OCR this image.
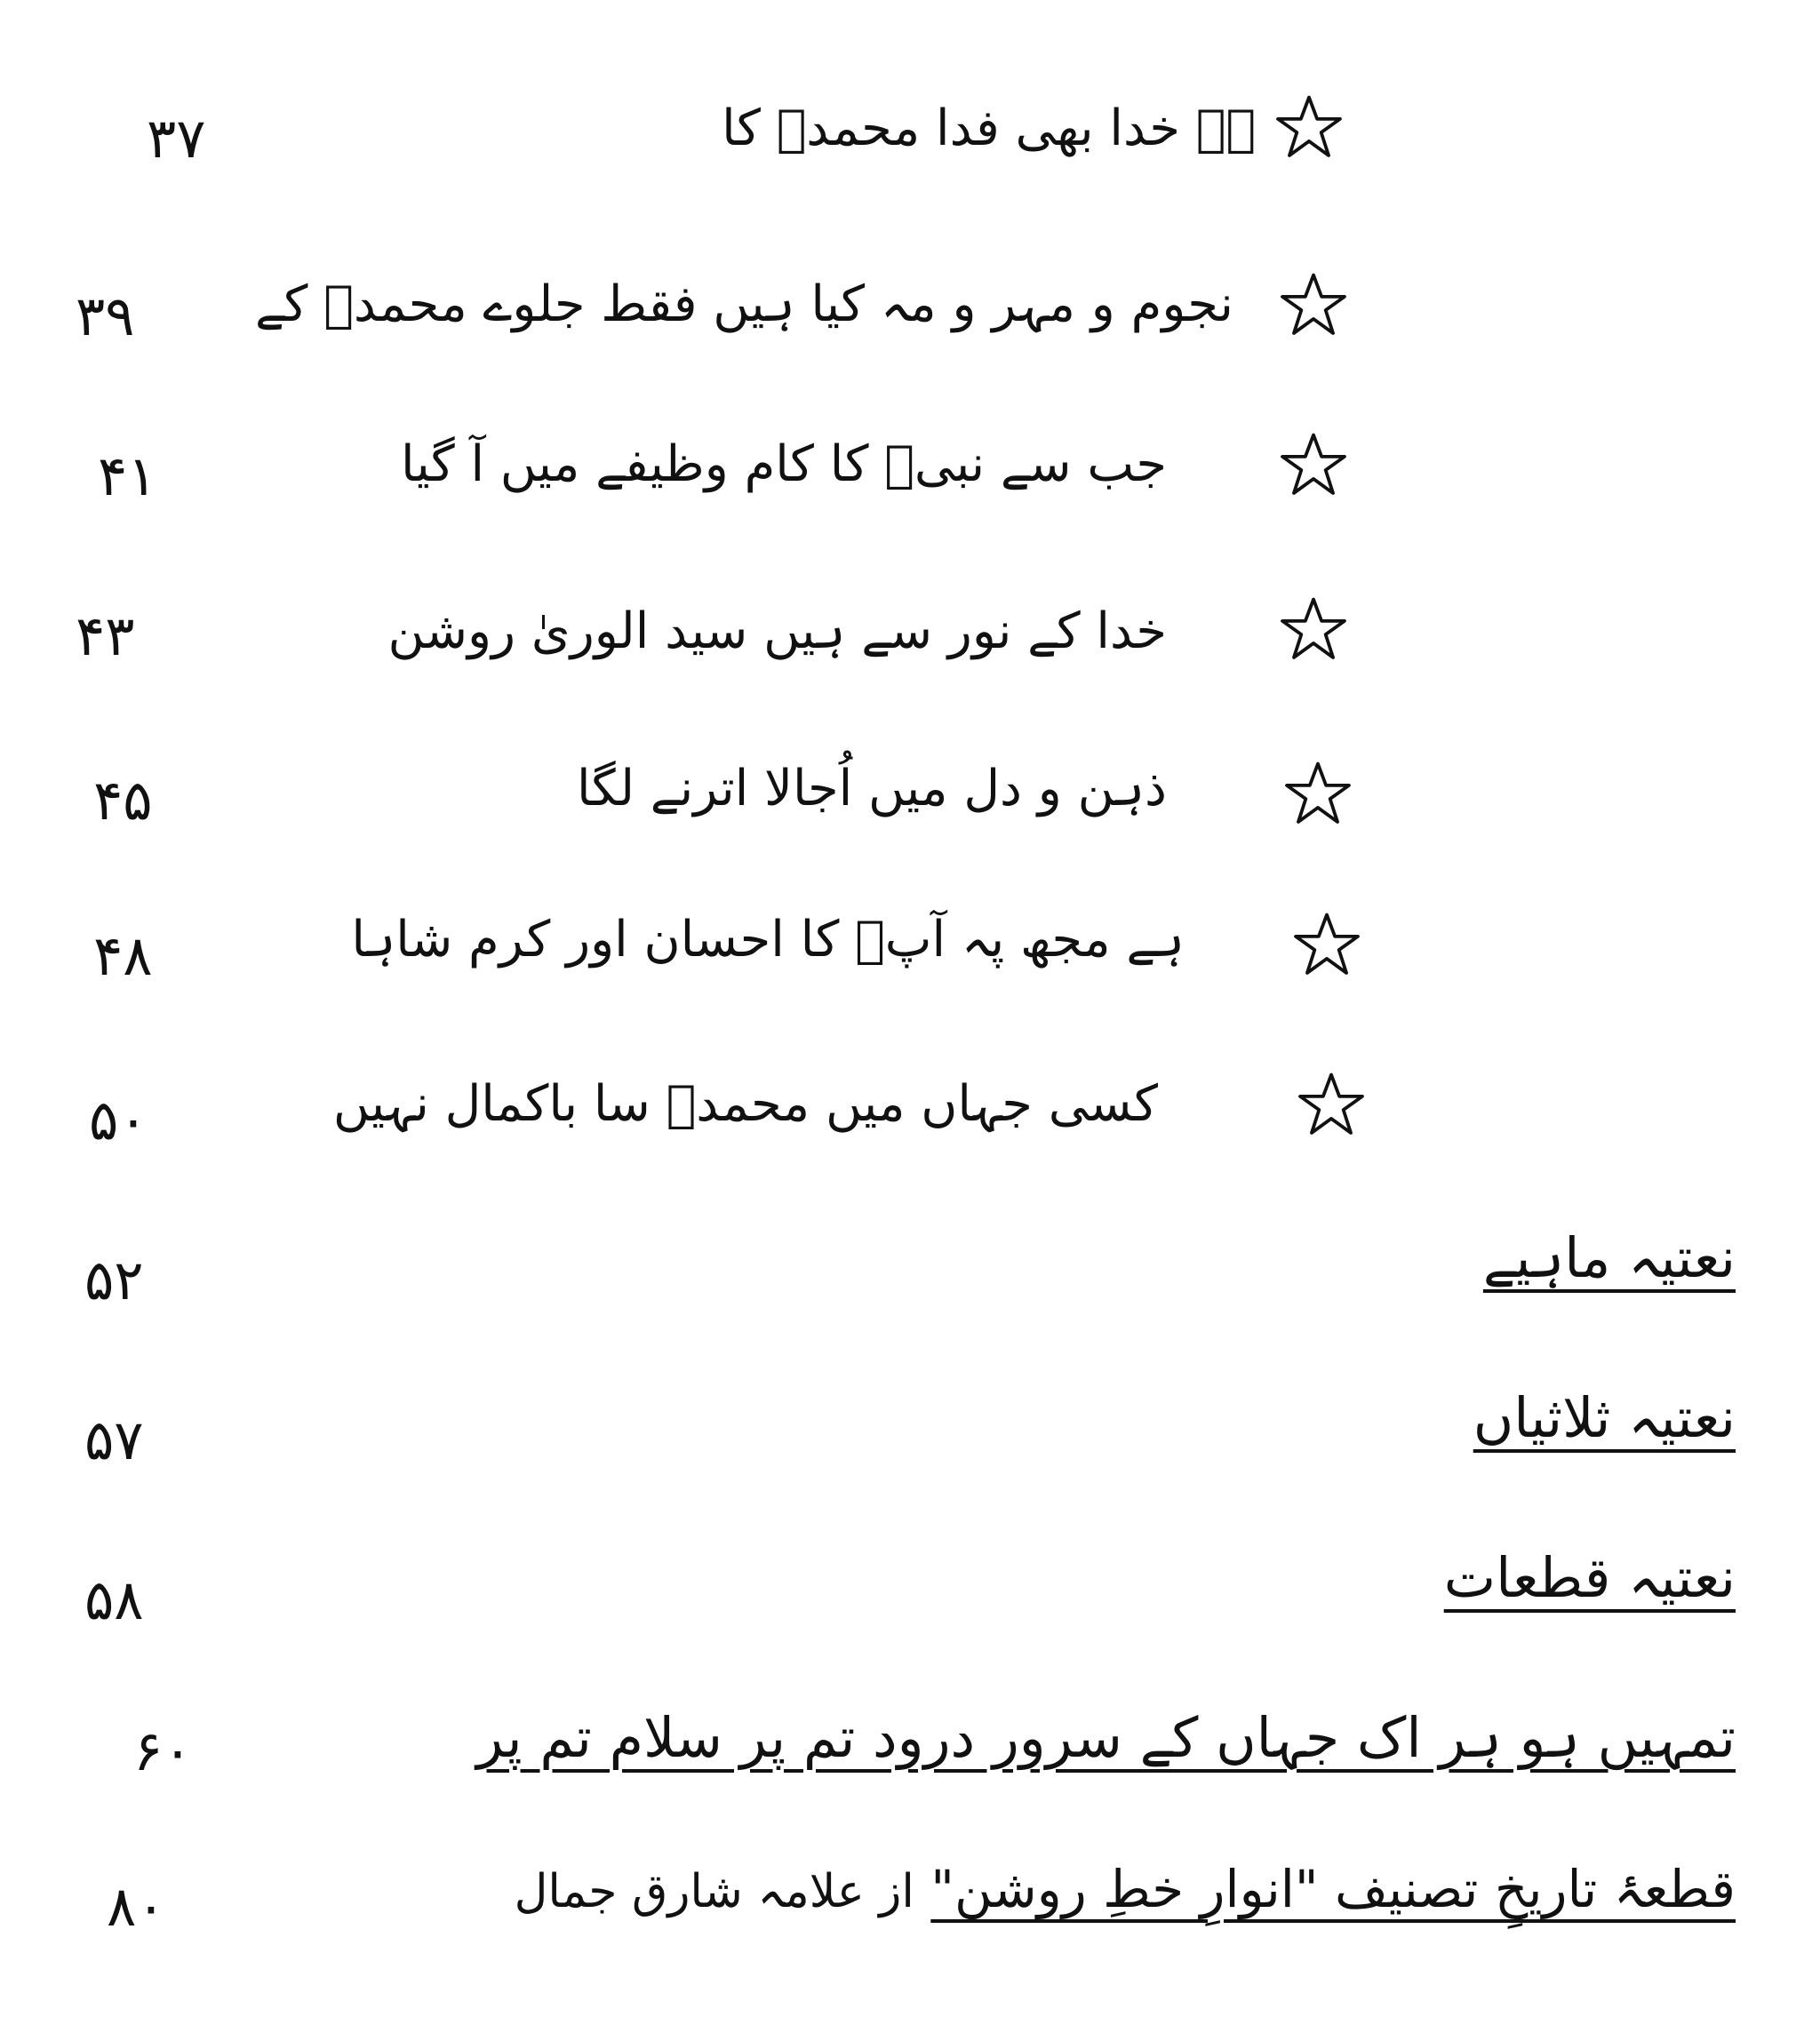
۳۷	ہے خدا بھی فدا محمدؐ کا
۳۹ نجوم و مہر و مہ کیا ہیں فقط جلوے محمدؐ کے
۴۱	جب سے نبیؐ کا کام وظیفے میں آ گیا
۴۳	خدا کے نور سے ہیں سید الوریٰ روشن
۴۵	ذہن و دل میں اُجالا اترنے لگا
۴۸	ہے مجھ پہ آپؐ کا احسان اور کرم شاہا
۵۰	کسی جہاں میں محمدؐ سا باکمال نہیں
۵۲	نعتیہ ماہیے
۵۷	نعتیہ ثلاثیاں
۵۸	نعتیہ قطعات
۶۰	تمہیں ہو ہر اک جہاں کے سرور درود تم پر سلام تم پر
۸۰	قطعۂ تاریخِ تصنیف "انوارِ خطِ روشن" از علامہ شارق جمال
